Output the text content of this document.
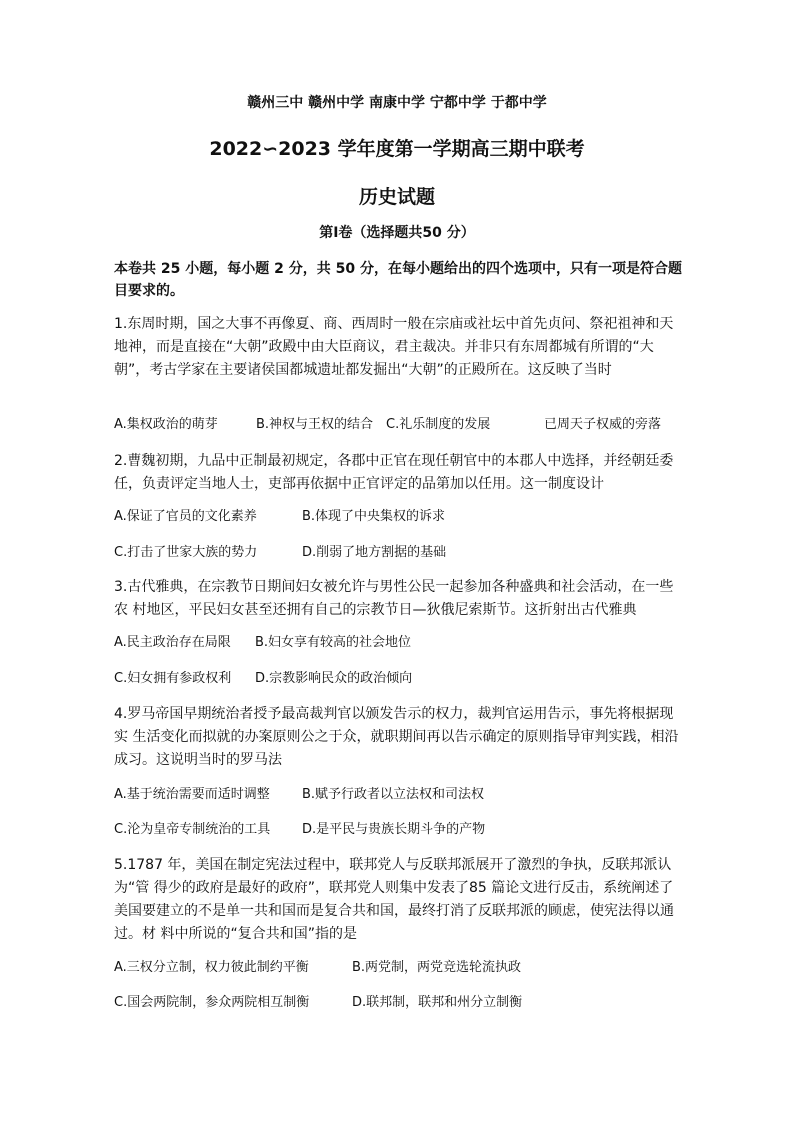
赣州三中 赣州中学 南康中学 宁都中学 于都中学
2022∽2023 学年度第一学期高三期中联考
历史试题
第Ⅰ卷（选择题共50 分）
本卷共 25 小题，每小题 2 分，共 50 分，在每小题给出的四个选项中，只有一项是符合题目要求的。

1.东周时期，国之大事不再像夏、商、西周时一般在宗庙或社坛中首先贞问、祭祀祖神和天地神，而是直接在“大朝”政殿中由大臣商议，君主裁决。并非只有东周都城有所谓的“大朝”，考古学家在主要诸侯国都城遗址都发掘出“大朝”的正殿所在。这反映了当时

A.集权政治的萌芽	B.神权与王权的结合 C.礼乐制度的发展	已周天子权威的旁落

2.曹魏初期，九品中正制最初规定，各郡中正官在现任朝官中的本郡人中选择，并经朝廷委任，负责评定当地人士，吏部再依据中正官评定的品第加以任用。这一制度设计

A.保证了官员的文化素养	B.体现了中央集权的诉求
C.打击了世家大族的势力	D.削弱了地方割据的基础

3.古代雅典，在宗教节日期间妇女被允许与男性公民一起参加各种盛典和社会活动，在一些农 村地区，平民妇女甚至还拥有自己的宗教节日—狄俄尼索斯节。这折射出古代雅典

A.民主政治存在局限 B.妇女享有较高的社会地位
C.妇女拥有参政权利 D.宗教影响民众的政治倾向

4.罗马帝国早期统治者授予最高裁判官以颁发告示的权力，裁判官运用告示，事先将根据现实 生活变化而拟就的办案原则公之于众，就职期间再以告示确定的原则指导审判实践，相沿成习。这说明当时的罗马法

A.基于统治需要而适时调整 B.赋予行政者以立法权和司法权
C.沦为皇帝专制统治的工具 D.是平民与贵族长期斗争的产物

5.1787 年，美国在制定宪法过程中，联邦党人与反联邦派展开了激烈的争执，反联邦派认为“管 得少的政府是最好的政府”，联邦党人则集中发表了85 篇论文进行反击，系统阐述了美国要建立的不是单一共和国而是复合共和国，最终打消了反联邦派的顾虑，使宪法得以通过。材 料中所说的“复合共和国”指的是

A.三权分立制，权力彼此制约平衡	B.两党制，两党竞选轮流执政
C.国会两院制，参众两院相互制衡	D.联邦制，联邦和州分立制衡
